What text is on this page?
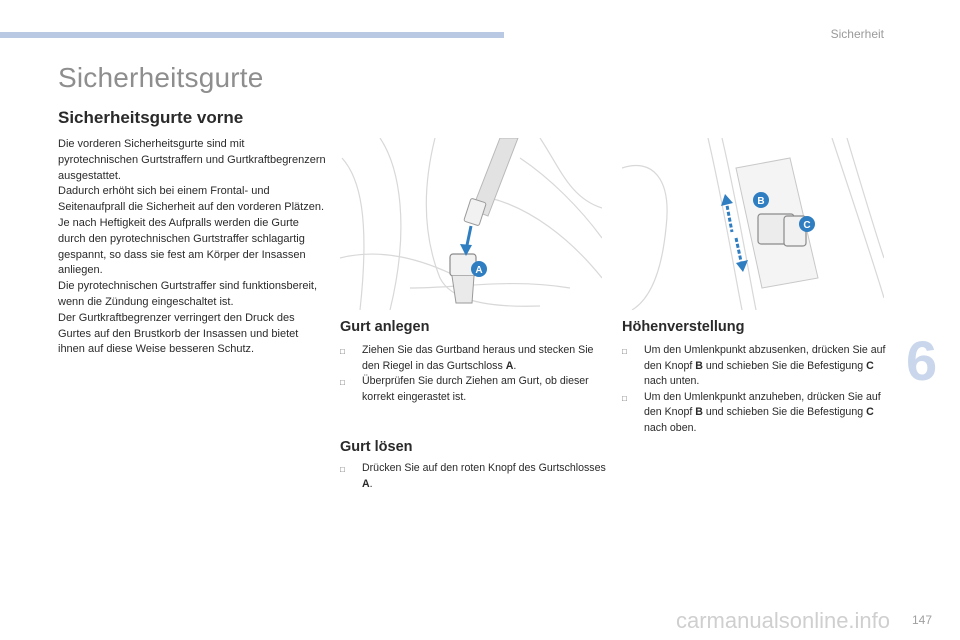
Sicherheit
Sicherheitsgurte
Sicherheitsgurte vorne

Die vorderen Sicherheitsgurte sind mit pyrotechnischen Gurtstraffern und Gurtkraftbegrenzern ausgestattet.

Dadurch erhöht sich bei einem Frontal- und Seitenaufprall die Sicherheit auf den vorderen Plätzen. Je nach Heftigkeit des Aufpralls werden die Gurte durch den pyrotechnischen Gurtstraffer schlagartig gespannt, so dass sie fest am Körper der Insassen anliegen.

Die pyrotechnischen Gurtstraffer sind funktionsbereit, wenn die Zündung eingeschaltet ist.

Der Gurtkraftbegrenzer verringert den Druck des Gurtes auf den Brustkorb der Insassen und bietet ihnen auf diese Weise besseren Schutz.

A
B
C
Gurt anlegen
□ Ziehen Sie das Gurtband heraus und stecken Sie den Riegel in das Gurtschloss A.
□ Überprüfen Sie durch Ziehen am Gurt, ob dieser korrekt eingerastet ist.
Gurt lösen
□ Drücken Sie auf den roten Knopf des Gurtschlosses A.
Höhenverstellung
□ Um den Umlenkpunkt abzusenken, drücken Sie auf den Knopf B und schieben Sie die Befestigung C nach unten.
□ Um den Umlenkpunkt anzuheben, drücken Sie auf den Knopf B und schieben Sie die Befestigung C nach oben.
6
carmanualsonline.info 147
